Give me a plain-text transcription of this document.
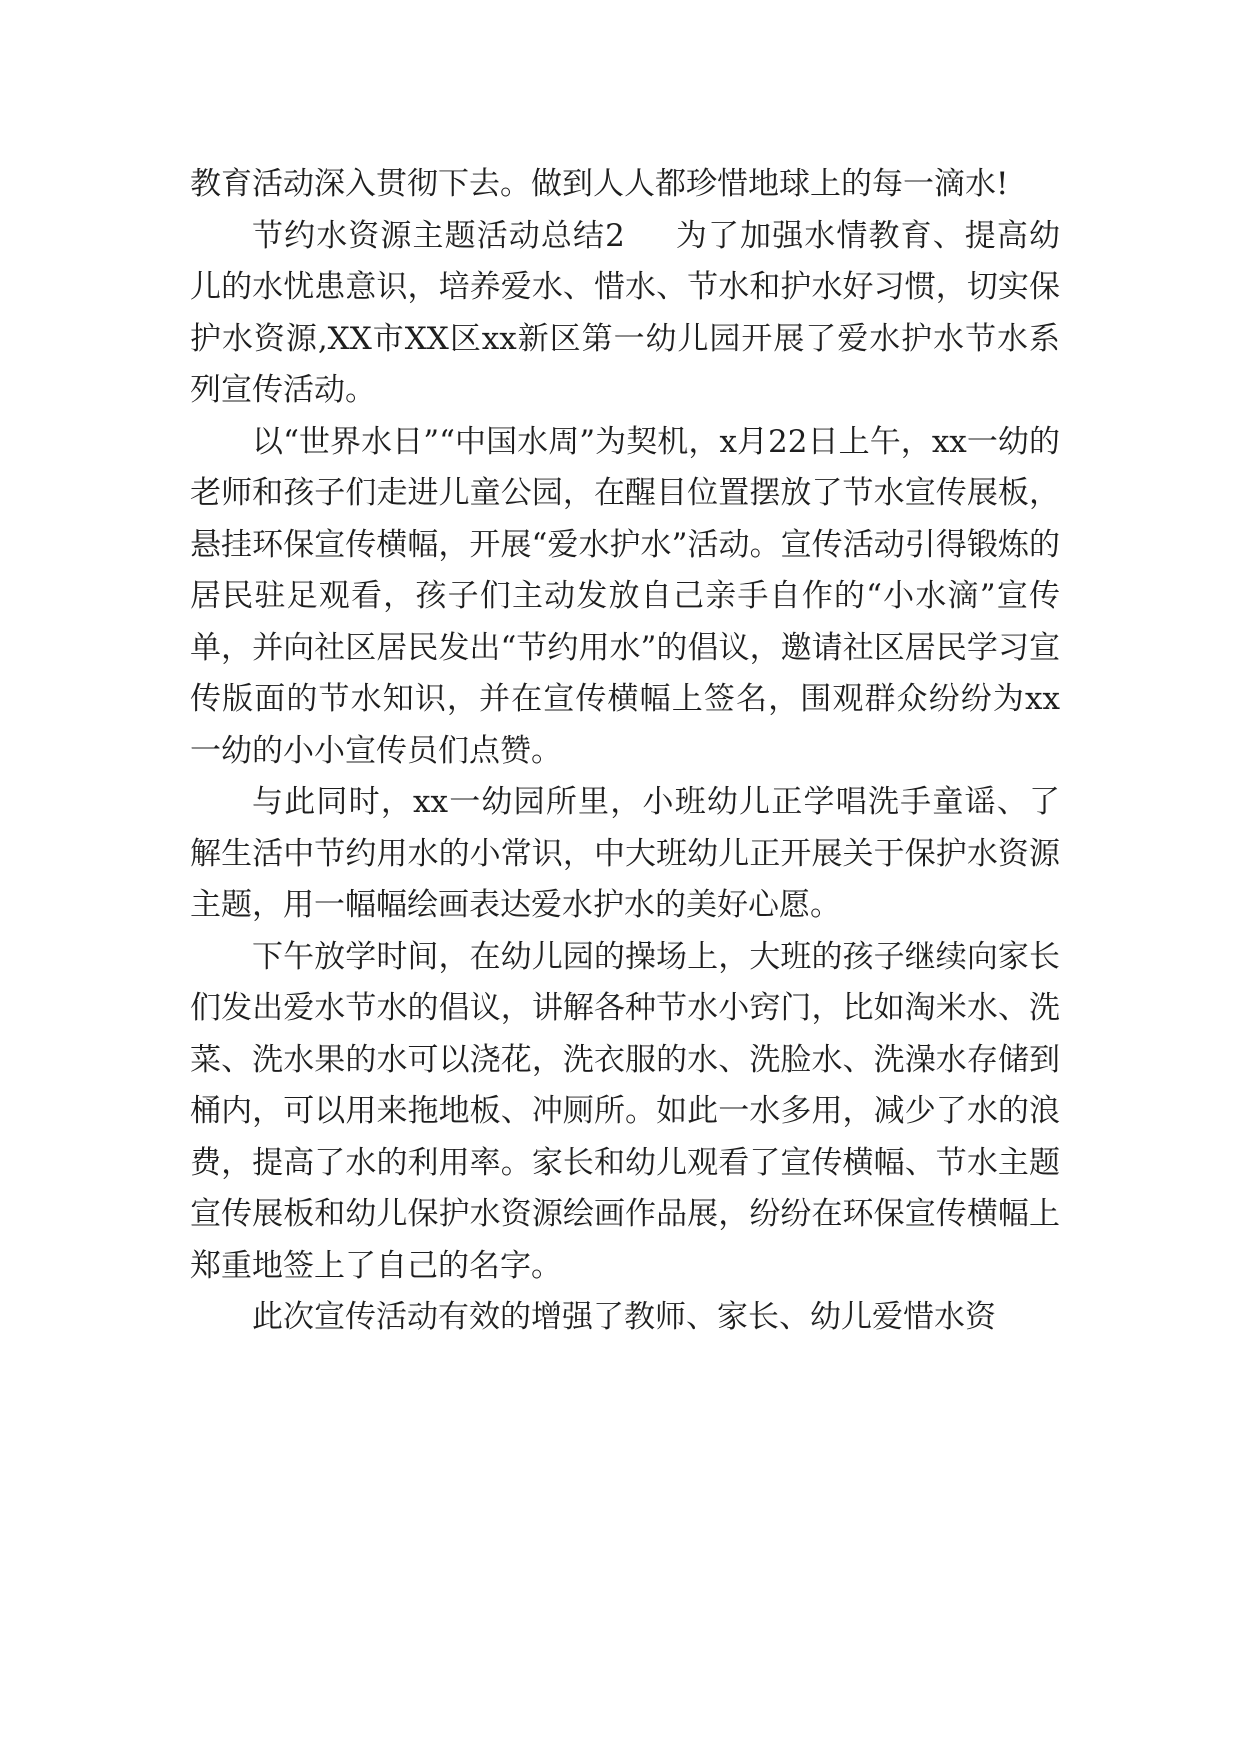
教育活动深入贯彻下去。做到人人都珍惜地球上的每一滴水!

节约水资源主题活动总结2 为了加强水情教育、提高幼儿的水忧患意识，培养爱水、惜水、节水和护水好习惯，切实保护水资源,XX市XX区xx新区第一幼儿园开展了爱水护水节水系列宣传活动。

以“世界水日”“中国水周”为契机，x月22日上午，xx一幼的老师和孩子们走进儿童公园，在醒目位置摆放了节水宣传展板，悬挂环保宣传横幅，开展“爱水护水”活动。宣传活动引得锻炼的居民驻足观看，孩子们主动发放自己亲手自作的“小水滴”宣传单，并向社区居民发出“节约用水”的倡议，邀请社区居民学习宣传版面的节水知识，并在宣传横幅上签名，围观群众纷纷为xx一幼的小小宣传员们点赞。

与此同时，xx一幼园所里，小班幼儿正学唱洗手童谣、了解生活中节约用水的小常识，中大班幼儿正开展关于保护水资源主题，用一幅幅绘画表达爱水护水的美好心愿。

下午放学时间，在幼儿园的操场上，大班的孩子继续向家长们发出爱水节水的倡议，讲解各种节水小窍门，比如淘米水、洗菜、洗水果的水可以浇花，洗衣服的水、洗脸水、洗澡水存储到桶内，可以用来拖地板、冲厕所。如此一水多用，减少了水的浪费，提高了水的利用率。家长和幼儿观看了宣传横幅、节水主题宣传展板和幼儿保护水资源绘画作品展，纷纷在环保宣传横幅上郑重地签上了自己的名字。

此次宣传活动有效的增强了教师、家长、幼儿爱惜水资
